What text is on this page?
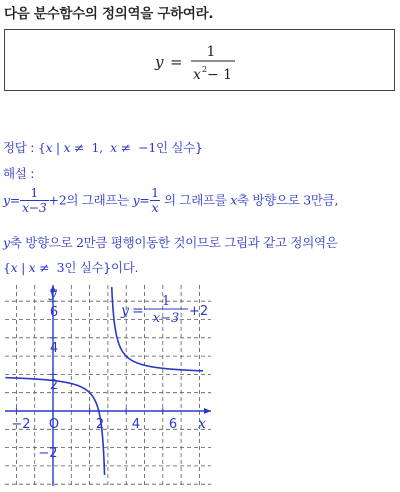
다음 분수함수의 정의역을 구하여라.
y =
1
x 2 − 1
정답 : {x | x ≠ 1, x ≠ −1인 실수}
해설 :
$y= \frac{1}{x-3} +2$의 그래프는 $y= \frac{1}{x}$ 의 그래프를 x축 방향으로 3만큼,
y축 방향으로 2만큼 평행이동한 것이므로 그림과 같고 정의역은
{x | x ≠ 3인 실수}이다.
−2	2 4 6
O	x
6
4
2
−2
y
y =
1
x−3 +2
